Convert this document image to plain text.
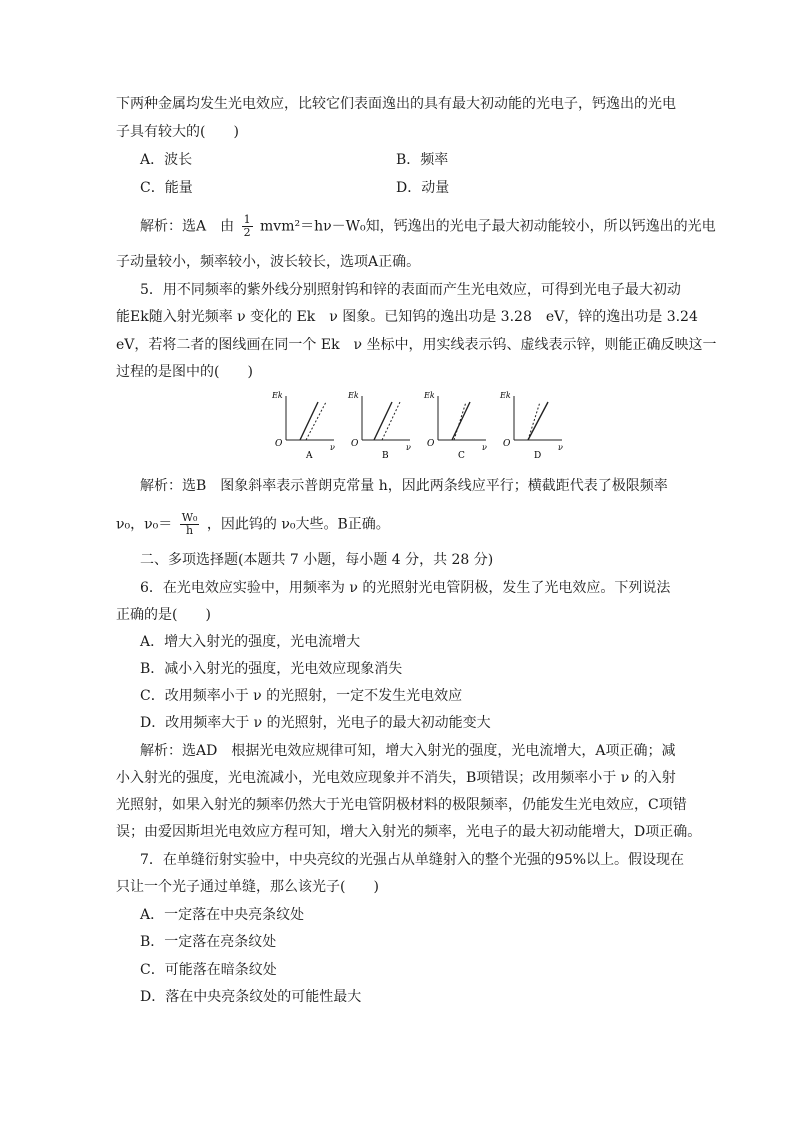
下两种金属均发生光电效应，比较它们表面逸出的具有最大初动能的光电子，钙逸出的光电
子具有较大的(　　)
A．波长	B．频率
C．能量	D．动量
解析：选A　由 $\frac{1}{2} mvm^2=h\nu-W_0$知，钙逸出的光电子最大初动能较小，所以钙逸出的光电
子动量较小，频率较小，波长较长，选项A正确。
5．用不同频率的紫外线分别照射钨和锌的表面而产生光电效应，可得到光电子最大初动
能Ek随入射光频率 ν 变化的 Ek　ν 图象。已知钨的逸出功是 3.28　eV，锌的逸出功是 3.24
eV，若将二者的图线画在同一个 Ek　ν 坐标中，用实线表示钨、虚线表示锌，则能正确反映这一
过程的是图中的(　　)
Ek
O	ν
A
Ek
O	ν
B
Ek
O	ν
C
Ek
O	ν
D
解析：选B　图象斜率表示普朗克常量 h，因此两条线应平行；横截距代表了极限频率
ν₀，$\nu_0= \frac{\text{W₀}}{h}$ ，因此钨的 ν₀大些。B正确。
二、多项选择题(本题共 7 小题，每小题 4 分，共 28 分)
6．在光电效应实验中，用频率为 ν 的光照射光电管阴极，发生了光电效应。下列说法
正确的是(　　)
A．增大入射光的强度，光电流增大
B．减小入射光的强度，光电效应现象消失
C．改用频率小于 ν 的光照射，一定不发生光电效应
D．改用频率大于 ν 的光照射，光电子的最大初动能变大
解析：选AD　根据光电效应规律可知，增大入射光的强度，光电流增大，A项正确；减
小入射光的强度，光电流减小，光电效应现象并不消失，B项错误；改用频率小于 ν 的入射
光照射，如果入射光的频率仍然大于光电管阴极材料的极限频率，仍能发生光电效应，C项错
误；由爱因斯坦光电效应方程可知，增大入射光的频率，光电子的最大初动能增大，D项正确。
7．在单缝衍射实验中，中央亮纹的光强占从单缝射入的整个光强的95%以上。假设现在
只让一个光子通过单缝，那么该光子(　　)
A．一定落在中央亮条纹处
B．一定落在亮条纹处
C．可能落在暗条纹处
D．落在中央亮条纹处的可能性最大
